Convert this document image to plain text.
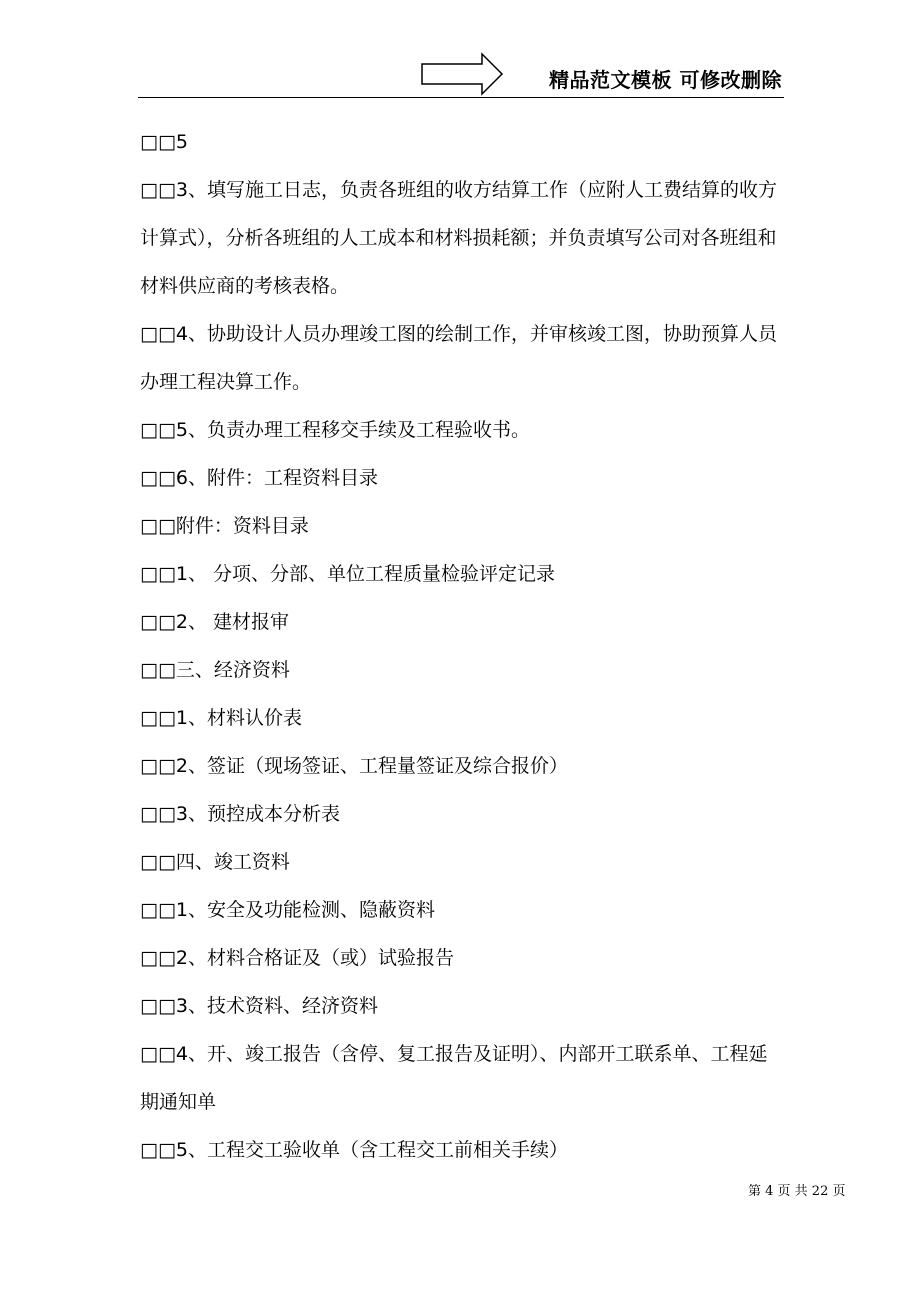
精品范文模板 可修改删除

□□5

□□3、填写施工日志，负责各班组的收方结算工作（应附人工费结算的收方计算式），分析各班组的人工成本和材料损耗额；并负责填写公司对各班组和材料供应商的考核表格。

□□4、协助设计人员办理竣工图的绘制工作，并审核竣工图，协助预算人员办理工程决算工作。

□□5、负责办理工程移交手续及工程验收书。

□□6、附件：工程资料目录

□□附件：资料目录

□□1、 分项、分部、单位工程质量检验评定记录

□□2、 建材报审

□□三、经济资料

□□1、材料认价表

□□2、签证（现场签证、工程量签证及综合报价）

□□3、预控成本分析表

□□四、竣工资料

□□1、安全及功能检测、隐蔽资料

□□2、材料合格证及（或）试验报告

□□3、技术资料、经济资料

□□4、开、竣工报告（含停、复工报告及证明）、内部开工联系单、工程延期通知单

□□5、工程交工验收单（含工程交工前相关手续）

第 4 页 共 22 页
